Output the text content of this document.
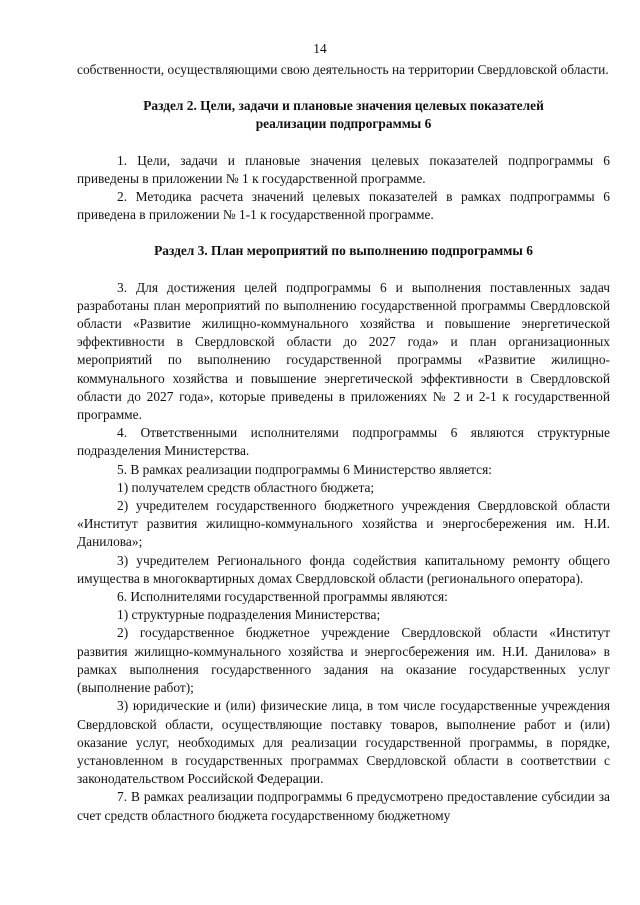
14

собственности, осуществляющими свою деятельность на территории Свердловской области.

Раздел 2. Цели, задачи и плановые значения целевых показателей
реализации подпрограммы 6

1. Цели, задачи и плановые значения целевых показателей подпрограммы 6 приведены в приложении № 1 к государственной программе.

2. Методика расчета значений целевых показателей в рамках подпрограммы 6 приведена в приложении № 1-1 к государственной программе.

Раздел 3. План мероприятий по выполнению подпрограммы 6

3. Для достижения целей подпрограммы 6 и выполнения поставленных задач разработаны план мероприятий по выполнению государственной программы Свердловской области «Развитие жилищно-коммунального хозяйства и повышение энергетической эффективности в Свердловской области до 2027 года» и план организационных мероприятий по выполнению государственной программы «Развитие жилищно-коммунального хозяйства и повышение энергетической эффективности в Свердловской области до 2027 года», которые приведены в приложениях № 2 и 2-1 к государственной программе.

4. Ответственными исполнителями подпрограммы 6 являются структурные подразделения Министерства.

5. В рамках реализации подпрограммы 6 Министерство является:

1) получателем средств областного бюджета;

2) учредителем государственного бюджетного учреждения Свердловской области «Институт развития жилищно-коммунального хозяйства и энергосбережения им. Н.И. Данилова»;

3) учредителем Регионального фонда содействия капитальному ремонту общего имущества в многоквартирных домах Свердловской области (регионального оператора).

6. Исполнителями государственной программы являются:

1) структурные подразделения Министерства;

2) государственное бюджетное учреждение Свердловской области «Институт развития жилищно-коммунального хозяйства и энергосбережения им. Н.И. Данилова» в рамках выполнения государственного задания на оказание государственных услуг (выполнение работ);

3) юридические и (или) физические лица, в том числе государственные учреждения Свердловской области, осуществляющие поставку товаров, выполнение работ и (или) оказание услуг, необходимых для реализации государственной программы, в порядке, установленном в государственных программах Свердловской области в соответствии с законодательством Российской Федерации.

7. В рамках реализации подпрограммы 6 предусмотрено предоставление субсидии за счет средств областного бюджета государственному бюджетному
